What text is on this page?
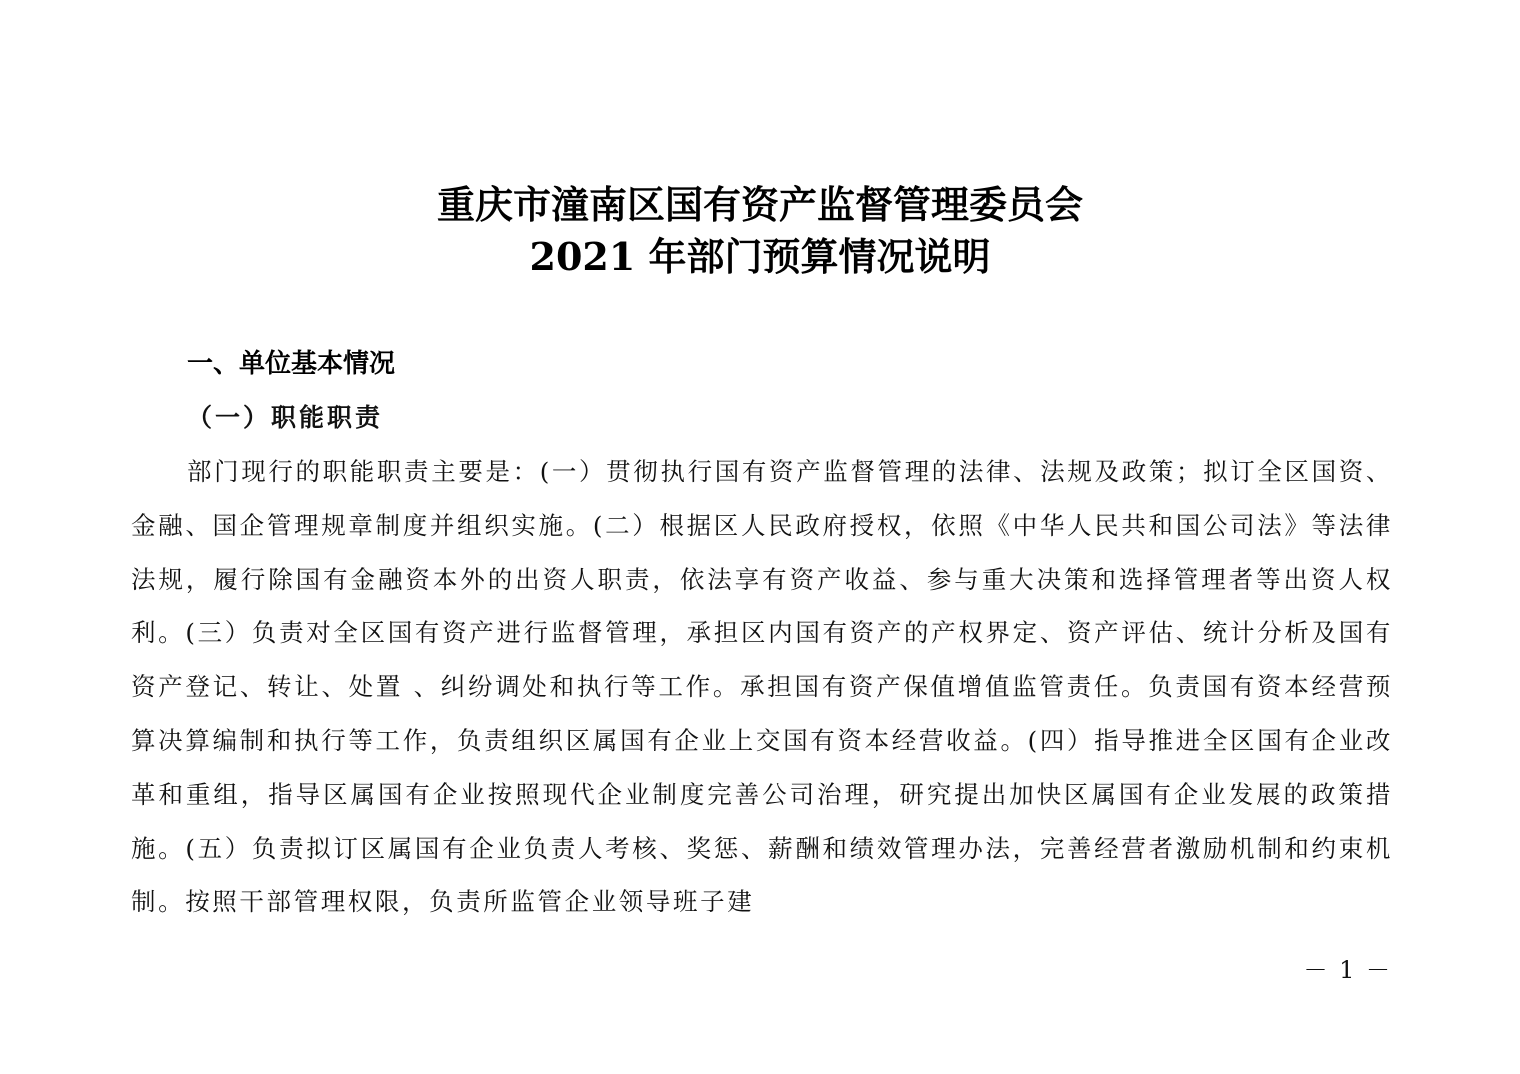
重庆市潼南区国有资产监督管理委员会
2021 年部门预算情况说明
一、单位基本情况
（一）职能职责

部门现行的职能职责主要是：(一）贯彻执行国有资产监督管理的法律、法规及政策；拟订全区国资、金融、国企管理规章制度并组织实施。(二）根据区人民政府授权，依照《中华人民共和国公司法》等法律法规，履行除国有金融资本外的出资人职责，依法享有资产收益、参与重大决策和选择管理者等出资人权利。(三）负责对全区国有资产进行监督管理，承担区内国有资产的产权界定、资产评估、统计分析及国有资产登记、转让、处置 、纠纷调处和执行等工作。承担国有资产保值增值监管责任。负责国有资本经营预算决算编制和执行等工作，负责组织区属国有企业上交国有资本经营收益。(四）指导推进全区国有企业改革和重组，指导区属国有企业按照现代企业制度完善公司治理，研究提出加快区属国有企业发展的政策措施。(五）负责拟订区属国有企业负责人考核、奖惩、薪酬和绩效管理办法，完善经营者激励机制和约束机制。按照干部管理权限，负责所监管企业领导班子建

－ 1 －
